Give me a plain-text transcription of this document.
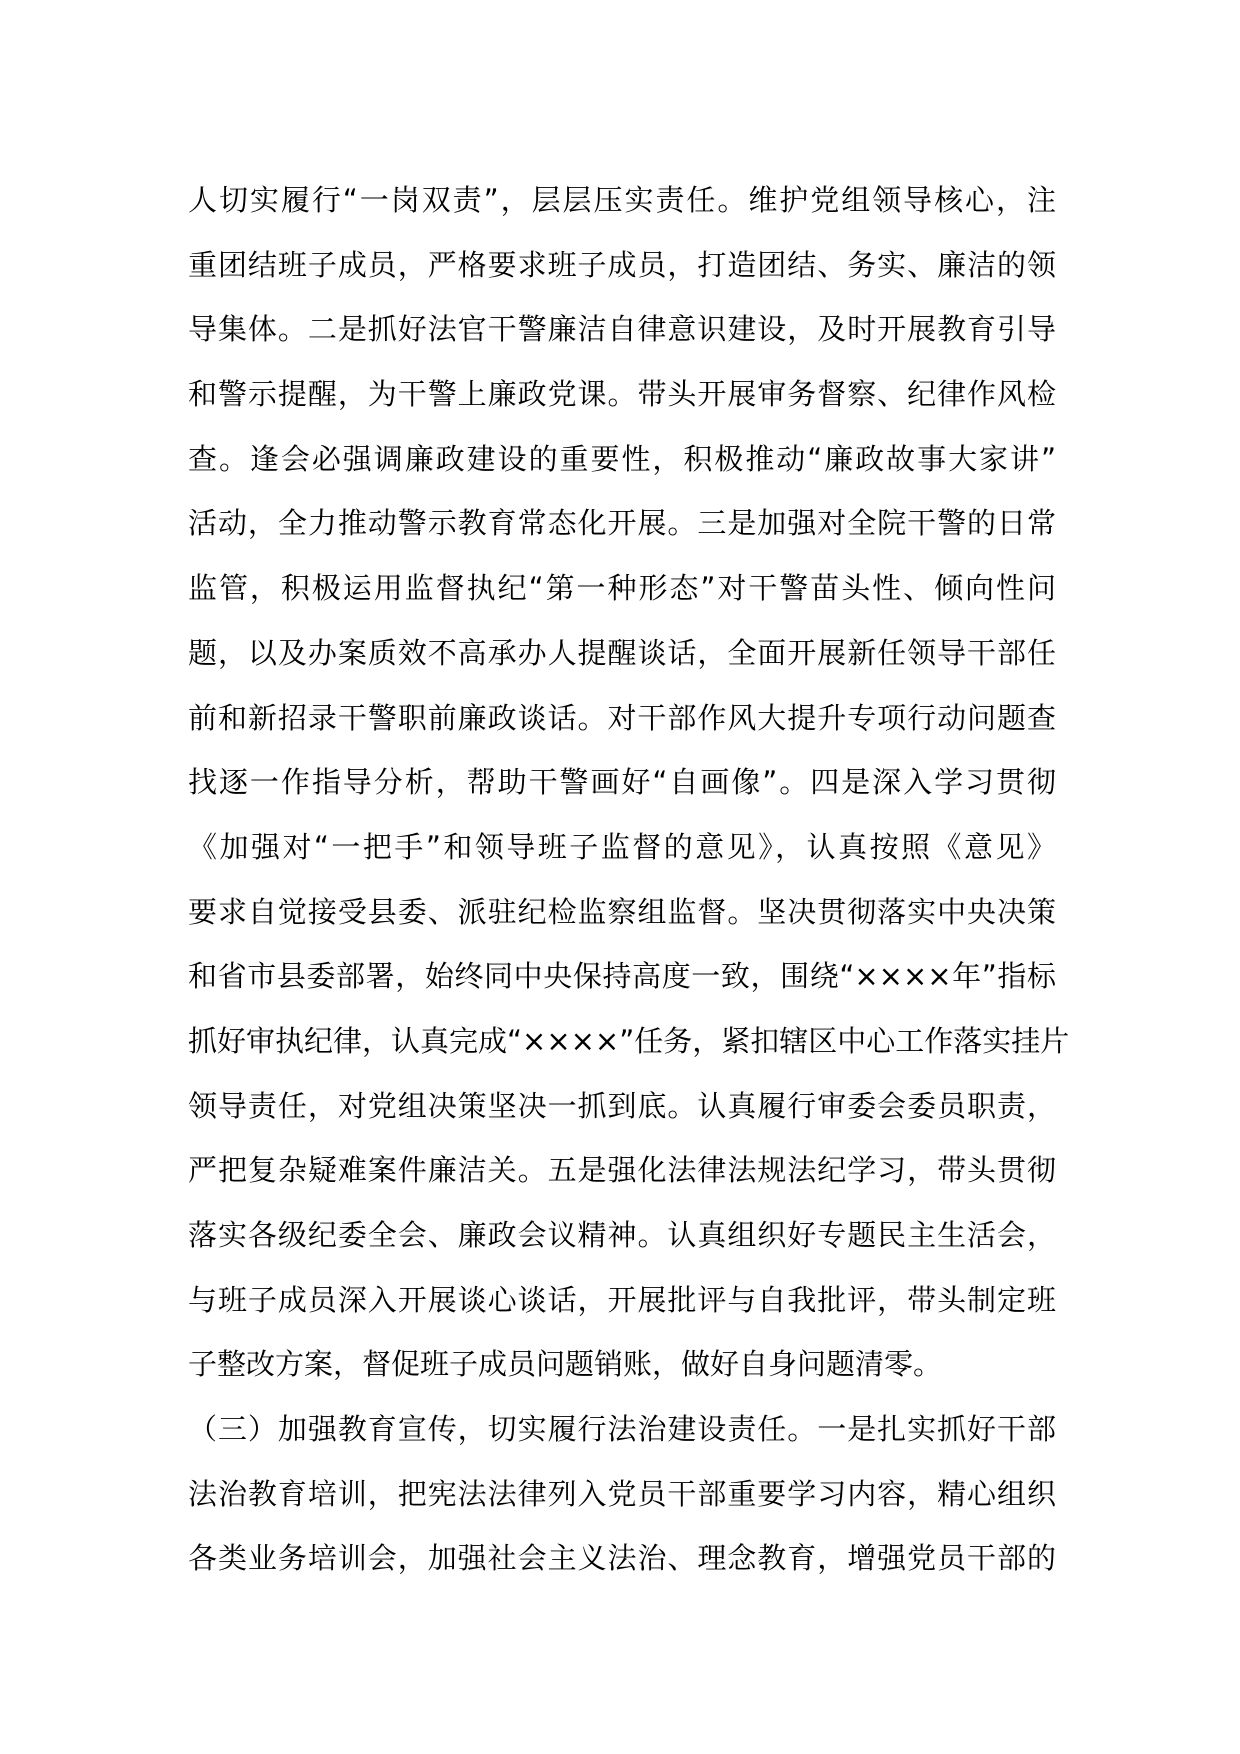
人切实履行“一岗双责”，层层压实责任。维护党组领导核心，注
重团结班子成员，严格要求班子成员，打造团结、务实、廉洁的领
导集体。二是抓好法官干警廉洁自律意识建设，及时开展教育引导
和警示提醒，为干警上廉政党课。带头开展审务督察、纪律作风检
查。逢会必强调廉政建设的重要性，积极推动“廉政故事大家讲”
活动，全力推动警示教育常态化开展。三是加强对全院干警的日常
监管，积极运用监督执纪“第一种形态”对干警苗头性、倾向性问
题，以及办案质效不高承办人提醒谈话，全面开展新任领导干部任
前和新招录干警职前廉政谈话。对干部作风大提升专项行动问题查
找逐一作指导分析，帮助干警画好“自画像”。四是深入学习贯彻
《加强对“一把手”和领导班子监督的意见》，认真按照《意见》
要求自觉接受县委、派驻纪检监察组监督。坚决贯彻落实中央决策
和省市县委部署，始终同中央保持高度一致，围绕“××××年”指标
抓好审执纪律，认真完成“××××”任务，紧扣辖区中心工作落实挂片
领导责任，对党组决策坚决一抓到底。认真履行审委会委员职责，
严把复杂疑难案件廉洁关。五是强化法律法规法纪学习，带头贯彻
落实各级纪委全会、廉政会议精神。认真组织好专题民主生活会，
与班子成员深入开展谈心谈话，开展批评与自我批评，带头制定班
子整改方案，督促班子成员问题销账，做好自身问题清零。
（三）加强教育宣传，切实履行法治建设责任。一是扎实抓好干部
法治教育培训，把宪法法律列入党员干部重要学习内容，精心组织
各类业务培训会，加强社会主义法治、理念教育，增强党员干部的
